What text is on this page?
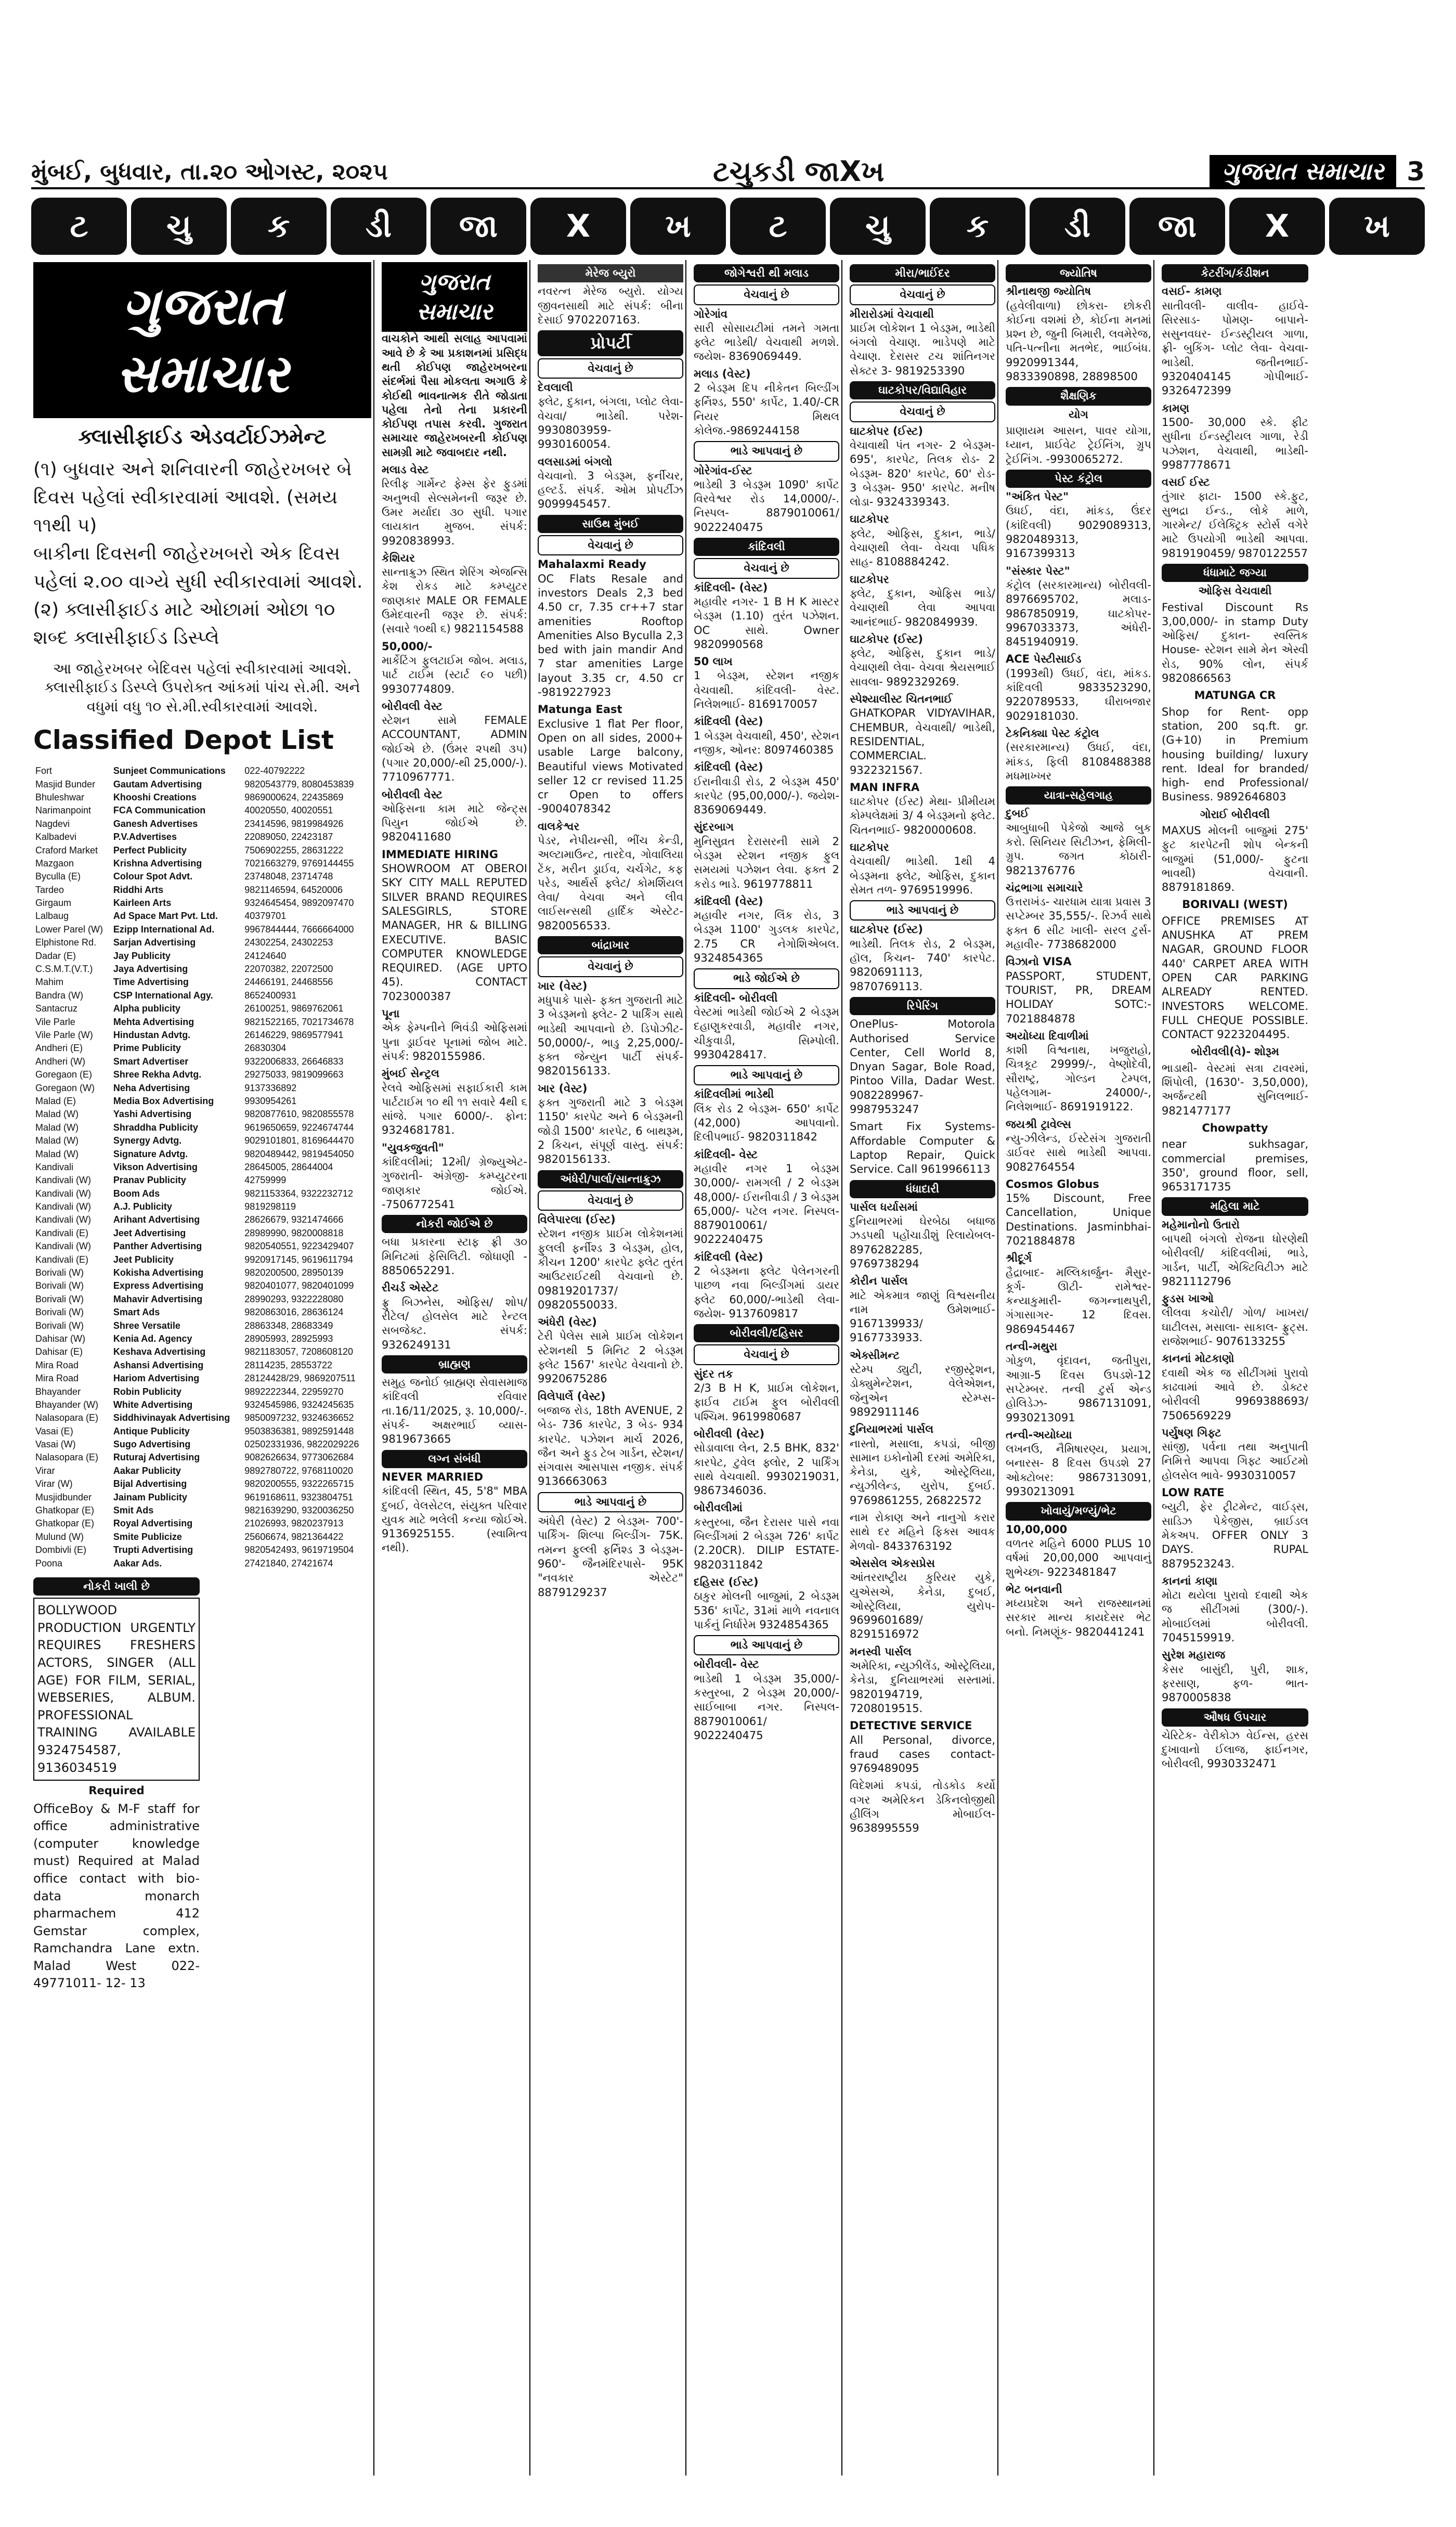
મુંબઈ, બુધવાર, તા.૨૦ ઓગસ્ટ, ૨૦૨૫	ટચુકડી જાXખ	ગુજરાત સમાચાર 3
ટ	ચુ	ક	ડી	જા	X	ખ	ટ	ચુ	ક	ડી	જા	X	ખ
ગુજરાત સમાચાર
ક્લાસીફાઈડ એડવર્ટાઈઝમેન્ટ
(૧) બુધવાર અને શનિવારની જાહેરખબર બે દિવસ પહેલાં સ્વીકારવામાં આવશે. (સમય ૧૧થી ૫)
બાકીના દિવસની જાહેરખબરો એક દિવસ પહેલાં ૨.૦૦ વાગ્યે સુધી સ્વીકારવામાં આવશે.
(૨) ક્લાસીફાઈડ માટે ઓછામાં ઓછા ૧૦ શબ્દ ક્લાસીફાઈડ ડિસ્પ્લે
આ જાહેરખબર બેદિવસ પહેલાં સ્વીકારવામાં આવશે. ક્લાસીફાઈડ ડિસ્પ્લે ઉપરોક્ત આંકમાં પાંચ સે.મી. અને વધુમાં વધુ ૧૦ સે.મી.સ્વીકારવામાં આવશે.
Classified Depot List
Fort	Sunjeet Communications	022-40792222
Masjid Bunder	Gautam Advertising	9820543779, 8080453839
Bhuleshwar	Khooshi Creations	9869000624, 22435869
Narimanpoint	FCA Communication	40020550, 40020551
Nagdevi	Ganesh Advertises	23414596, 9819984926
Kalbadevi	P.V.Advertises	22089050, 22423187
Craford Market	Perfect Publicity	7506902255, 28631222
Mazgaon	Krishna Advertising	7021663279, 9769144455
Byculla (E)	Colour Spot Advt.	23748048, 23714748
Tardeo	Riddhi Arts	9821146594, 64520006
Girgaum	Kairleen Arts	9324645454, 9892097470
Lalbaug	Ad Space Mart Pvt. Ltd.	40379701
Lower Parel (W)	Ezipp International Ad.	9967844444, 7666664000
Elphistone Rd.	Sarjan Advertising	24302254, 24302253
Dadar (E)	Jay Publicity	24124640
C.S.M.T.(V.T.)	Jaya Advertising	22070382, 22072500
Mahim	Time Advertising	24466191, 24468556
Bandra (W)	CSP International Agy.	8652400931
Santacruz	Alpha publicity	26100251, 9869762061
Vile Parle	Mehta Advertising	9821522165, 7021734678
Vile Parle (W)	Hindustan Advtg.	26146229, 9869577941
Andheri (E)	Prime Publicity	26830304
Andheri (W)	Smart Advertiser	9322006833, 26646833
Goregaon (E)	Shree Rekha Advtg.	29275033, 9819099663
Goregaon (W)	Neha Advertising	9137336892
Malad (E)	Media Box Advertising	9930954261
Malad (W)	Yashi Advertising	9820877610, 9820855578
Malad (W)	Shraddha Publicity	9619650659, 9224674744
Malad (W)	Synergy Advtg.	9029101801, 8169644470
Malad (W)	Signature Advtg.	9820489442, 9819454050
Kandivali	Vikson Advertising	28645005, 28644004
Kandivali (W)	Pranav Publicity	42759999
Kandivali (W)	Boom Ads	9821153364, 9322232712
Kandivali (W)	A.J. Publicity	9819298119
Kandivali (W)	Arihant Advertising	28626679, 9321474666
Kandivali (E)	Jeet Advertising	28989990, 9820008818
Kandivali (W)	Panther Advertising	9820540551, 9223429407
Kandivali (E)	Jeet Publicity	9920917145, 9619611794
Borivali (W)	Kokisha Advertising	9820200500, 28950139
Borivali (W)	Express Advertising	9820401077, 9820401099
Borivali (W)	Mahavir Advertising	28990293, 9322228080
Borivali (W)	Smart Ads	9820863016, 28636124
Borivali (W)	Shree Versatile	28863348, 28683349
Dahisar (W)	Kenia Ad. Agency	28905993, 28925993
Dahisar (E)	Keshava Advertising	9821183057, 7208608120
Mira Road	Ashansi Advertising	28114235, 28553722
Mira Road	Hariom Advertising	28124428/29, 9869207511
Bhayander	Robin Publicity	9892222344, 22959270
Bhayander (W)	White Advertising	9324545986, 9324245635
Nalasopara (E)	Siddhivinayak Advertising	9850097232, 9324636652
Vasai (E)	Antique Publicity	9503836381, 9892591448
Vasai (W)	Sugo Advertising	02502331936, 9822029226
Nalasopara (E)	Ruturaj Advertising	9082626634, 9773062684
Virar	Aakar Publicity	9892780722, 9768110020
Virar (W)	Bijal Advertising	9820200555, 9322265715
Musjidbunder	Jainam Publicity	9619168611, 9323804751
Ghatkopar (E)	Smit Ads	9821639290, 9320036250
Ghatkopar (E)	Royal Advertising	21026993, 9820237913
Mulund (W)	Smite Publicize	25606674, 9821364422
Dombivli (E)	Trupti Advertising	9820542493, 9619719504
Poona	Aakar Ads.	27421840, 27421674
નોકરી ખાલી છે
BOLLYWOOD PRODUCTION URGENTLY REQUIRES FRESHERS ACTORS, SINGER (ALL AGE) FOR FILM, SERIAL, WEBSERIES, ALBUM. PROFESSIONAL TRAINING AVAILABLE 9324754587, 9136034519
Required
OfficeBoy & M-F staff for office administrative (computer knowledge must) Required at Malad office contact with bio-data monarch pharmachem 412 Gemstar complex, Ramchandra Lane extn. Malad West 022-49771011- 12- 13
ગુજરાત સમાચાર
વાચકોને આથી સલાહ આપવામાં આવે છે કે આ પ્રકાશનમાં પ્રસિદ્ધ થતી કોઈપણ જાહેરખબરના સંદર્ભમાં પૈસા મોકલતા અગાઉ કે કોઈથી ભાવનાત્મક રીતે જોડાતા પહેલા તેનો તેના પ્રકારની કોઈપણ તપાસ કરવી. ગુજરાત સમાચાર જાહેરખબરની કોઈપણ સામગ્રી માટે જવાબદાર નથી.
મલાડ વેસ્ટ
રિલીફ ગાર્મેન્ટ ફેમ્સ ફેર ફુડમાં અનુભવી સેલ્સમેનની જરૂર છે. ઉમર મર્યાદા ૩૦ સુધી. પગાર લાયકાત મુજબ. સંપર્ક: 9920838993.
કેશિયર
સાન્તાક્રુઝ સ્થિત શેરિંગ એજન્સિ કેશ રોકડ માટે કમ્પ્યુટર જાણકાર MALE OR FEMALE ઉમેદવારની જરૂર છે. સંપર્ક: (સવારે ૧૦થી ૬) 9821154588
50,000/-
માર્કેટિંગ ફુલટાઈમ જોબ. મલાડ, પાર્ટ ટાઈમ (સ્ટાર્ટ ૯૦ પછી) 9930774809.
બોરીવલી વેસ્ટ
સ્ટેશન સામે FEMALE ACCOUNTANT, ADMIN જોઈએ છે. (ઉંમર ૨૫થી ૩૫) (પગાર 20,000/-થી 25,000/-). 7710967771.
બોરીવલી વેસ્ટ
ઓફિસના કામ માટે જેન્ટ્સ પિયુન જોઈએ છે. 9820411680
IMMEDIATE HIRING
SHOWROOM AT OBEROI SKY CITY MALL REPUTED SILVER BRAND REQUIRES SALESGIRLS, STORE MANAGER, HR & BILLING EXECUTIVE. BASIC COMPUTER KNOWLEDGE REQUIRED. (AGE UPTO 45). CONTACT 7023000387
પૂના
એક ફેમ્પનીને ભિવંડી ઓફિસમાં પુના ડ્રાઈવર પૂનામાં જોબ માટે. સંપર્ક: 9820155986.
મુંબઈ સેન્ટ્રલ
રેલવે ઓફિસમાં સફાઈકારી કામ પાર્ટટાઈમ ૧૦ થી ૧૧ સવારે 4થી ૬ સાંજે. પગાર 6000/-. ફોન: 9324681781.
"યુવકજુવતી"
કાંદિવલીમાં; 12મી/ ગ્રેજ્યુએટ- ગુજરાતી- અંગ્રેજી- કમ્પ્યુટરના જાણકાર જોઈએ. -7506772541
નોકરી જોઈએ છે
બધા પ્રકારના સ્ટાફ ફ્રી ૩૦ મિનિટમાં ફેસિલિટી. જોધાણી - 8850652291.
રીચર્ડ એસ્ટેટ
ફ્રુ બિઝનેસ, ઓફિસ/ શોપ/ રીટેલ/ હોલસેલ માટે રેન્ટલ સબજેક્ટ. સંપર્ક: 9326249131
બ્રાહ્મણ
સમુહ જનોઈ બ્રાહ્મણ સેવાસમાજ કાંદિવલી રવિવાર તા.16/11/2025, રૂ. 10,000/-. સંપર્ક- અક્ષરભાઈ વ્યાસ- 9819673665
લગ્ન સંબંધી
NEVER MARRIED
કાંદિવલી સ્થિત, 45, 5'8" MBA દુબઈ, વેલસેટલ, સંયુક્ત પરિવાર યુવક માટે ભલેલી કન્યા જોઈએ. 9136925155. (સ્વામિત્વ નથી).
મેરેજ બ્યુરો
નવરત્ન મેરેજ બ્યુરો. યોગ્ય જીવનસાથી માટે સંપર્ક: બીના દેસાઈ 9702207163.
પ્રોપર્ટી
વેચવાનું છે
દેવલાલી
ફ્લેટ, દુકાન, બંગલા, પ્લોટ લેવા- વેચવા/ ભાડેથી. પરેશ- 9930803959- 9930160054.
વલસાડમાં બંગલો
વેચવાનો. 3 બેડરૂમ, ફર્નીચર, હલ્ટર્ડ. સંપર્ક. ઓમ પ્રોપર્ટીઝ 9099945457.
સાઉથ મુંબઈ
વેચવાનું છે
Mahalaxmi Ready
OC Flats Resale and investors Deals 2,3 bed 4.50 cr, 7.35 cr++7 star amenities Rooftop Amenities Also Byculla 2,3 bed with jain mandir And 7 star amenities Large layout 3.35 cr, 4.50 cr -9819227923
Matunga East
Exclusive 1 flat Per floor, Open on all sides, 2000+ usable Large balcony, Beautiful views Motivated seller 12 cr revised 11.25 cr Open to offers -9004078342
વાલકેશ્વર
પેડર, નેપીયન્સી, ભીંચ કેન્ડી, અલ્ટામાઉન્ટ, તારદેવ, ગોવાલિયા ટેંક, મરીન ડ્રાઈવ, ચર્ચગેટ, કફ પરેડ, આર્થર્સ ફ્લેટ/ કોમર્શિયલ લેવા/ વેચવા અને લીવ લાઈસન્સથી હાર્દિક એસ્ટેટ- 9820056533.
બાંદ્રાખાર
વેચવાનું છે
ખાર (વેસ્ટ)
મધુપાકે પાસે- ફક્ત ગુજરાતી માટે 3 બેડરૂમનો ફ્લેટ- 2 પાર્કિંગ સાથે ભાડેથી આપવાનો છે. ડિપોઝીટ- 50,0000/-, ભાડુ 2,25,000/- ફક્ત જેન્યુન પાર્ટી સંપર્ક- 9820156133.
ખાર (વેસ્ટ)
ફક્ત ગુજરાતી માટે 3 બેડરૂમ 1150' કારપેટ અને 6 બેડરૂમની જોડી 1500' કારપેટ, 6 બાથરૂમ, 2 કિચન, સંપૂર્ણ વાસ્તુ. સંપર્ક: 9820156133.
અંધેરી/પાર્લા/સાન્તાક્રુઝ
વેચવાનું છે
વિલેપારલા (ઈસ્ટ)
સ્ટેશન નજીક પ્રાઈમ લોકેશનમાં ફુલલી ફર્નીશ્ડ 3 બેડરૂમ, હોલ, કીચન 1200' કારપેટ ફ્લેટ તુરંત આઉટરાઈટથી વેચવાનો છે. 09819201737/ 09820550033.
અંધેરી (વેસ્ટ)
ટેરી પેલેસ સામે પ્રાઈમ લોકેશન સ્ટેશનથી 5 મિનિટ 2 બેડરૂમ ફ્લેટ 1567' કારપેટ વેચવાનો છે. 9920675286
વિલેપાર્લે (વેસ્ટ)
બજાજ રોડ, 18th AVENUE, 2 બેડ- 736 કારપેટ, 3 બેડ- 934 કારપેટ. પઝેશન માર્ચ 2026, જૈન અને ફુડ ટેબ ગાર્ડન, સ્ટેશન/ સંગવાસ આસપાસ નજીક. સંપર્ક 9136663063
ભાડે આપવાનું છે
અંધેરી (વેસ્ટ) 2 બેડરૂમ- 700'- પાર્કિંગ- શિલ્પા બિલ્ડીંગ- 75K. તમન્ન ફુલ્લી ફર્નિશ્ડ 3 બેડરૂમ- 960'- જૈનમંદિરપાસે- 95K "નવકાર એસ્ટેટ" 8879129237
જોગેશ્વરી થી મલાડ
વેચવાનું છે
ગોરેગાંવ
સારી સોસાયટીમાં તમને ગમતા ફ્લેટ ભાડેથી/ વેચવાથી મળશે. જયેશ- 8369069449.
મલાડ (વેસ્ટ)
2 બેડરૂમ દિપ નીકેતન બિલ્ડીંગ ફર્નિશ્ડ, 550' કાર્પેટ, 1.40/-CR નિયર મિથલ કોલેજ.-9869244158
ભાડે આપવાનું છે
ગોરેગાંવ-ઈસ્ટ
ભાડેથી 3 બેડરૂમ 1090' કાર્પેટ વિરવેશ્વર રોડ 14,0000/-. નિસ્પલ- 8879010061/ 9022240475
કાંદિવલી
વેચવાનું છે
કાંદિવલી- (વેસ્ટ)
મહાવીર નગર- 1 B H K માસ્ટર બેડરૂમ (1.10) તુરંત પઝેશન. OC સાથે. Owner 9820990568
50 લાખ
1 બેડરૂમ, સ્ટેશન નજીક વેચવાથી. કાંદિવલી- વેસ્ટ. નિલેશભાઈ- 8169170057
કાંદિવલી (વેસ્ટ)
1 બેડરૂમ વેચવાથી, 450', સ્ટેશન નજીક, ઓનર: 8097460385
કાંદિવલી (વેસ્ટ)
ઈરાનીવાડી રોડ, 2 બેડરૂમ 450' કારપેટ (95,00,000/-). જયેશ- 8369069449.
સુંદરબાગ
મુનિસુવ્રત દેરાસરની સામે 2 બેડરૂમ સ્ટેશન નજીક ફુલ સમયમાં પઝેશન લેવા. ફક્ત 2 કરોડ ભાડે. 9619778811
કાંદિવલી (વેસ્ટ)
મહાવીર નગર, લિંક રોડ, 3 બેડરૂમ 1100' ગુડલક કારપેટ, 2.75 CR નેગોશિએબલ. 9324854365
ભાડે જોઈએ છે
કાંદિવલી- બોરીવલી
વેસ્ટમાં ભાડેથી જોઈએ 2 બેડરૂમ દહાણુકરવાડી, મહાવીર નગર, ચીકુવાડી, સિમ્પોલી. 9930428417.
ભાડે આપવાનું છે
કાંદિવલીમાં ભાડેથી
લિંક રોડ 2 બેડરૂમ- 650' કાર્પેટ (42,000) આપવાનો. દિલીપભાઈ- 9820311842
કાંદિવલી- વેસ્ટ
મહાવીર નગર 1 બેડરૂમ 30,000/- રામગલી / 2 બેડરૂમ 48,000/- ઈરાનીવાડી / 3 બેડરૂમ 65,000/- પટેલ નગર. નિસ્પલ- 8879010061/ 9022240475
કાંદિવલી (વેસ્ટ)
2 બેડરૂમના ફ્લેટ પેલેનગરની પાછળ નવા બિલ્ડીંગમાં ડાયર ફ્લેટ 60,000/-ભાડેથી લેવા- જયેશ- 9137609817
બોરીવલી/દહિસર
વેચવાનું છે
સુંદર તક
2/3 B H K, પ્રાઈમ લોકેશન, ફાઈવ ટાઈમ ફુલ બોરીવલી પશ્ચિમ. 9619980687
બોરીવલી (વેસ્ટ)
સોડાવાલા લેન, 2.5 BHK, 832' કારપેટ, ટુવેલ ફ્લોર, 2 પાર્કિંગ સાથે વેચવાથી. 9930219031, 9867346036.
બોરીવલીમાં
કસ્તુરબા, જૈન દેરાસર પાસે નવા બિલ્ડીંગમાં 2 બેડરૂમ 726' કાર્પેટ (2.20CR). DILIP ESTATE- 9820311842
દહિસર (ઈસ્ટ)
ઠાકુર મોલની બાજુમાં, 2 બેડરૂમ 536' કાર્પેટ, 31માં માળે નવનાલ પાર્કનું નિર્ધારેમ 9324854365
ભાડે આપવાનું છે
બોરીવલી- વેસ્ટ
ભાડેથી 1 બેડરૂમ 35,000/- કસ્તુરબા, 2 બેડરૂમ 20,000/- સાઈબાબા નગર. નિસ્પલ- 8879010061/ 9022240475
મીરા/ભાઈંદર
વેચવાનું છે
મીરારોડમાં વેચવાથી
પ્રાઈમ લોકેશન 1 બેડરૂમ, ભાડેથી બંગલો વેચાણ. ભાડેપણે માટે વેચાણ. દેરાસર ટચ શાંતિનગર સેક્ટર 3- 9819253390
ઘાટકોપર/વિદ્યાવિહાર
વેચવાનું છે
ઘાટકોપર (ઈસ્ટ)
વેચાવાથી પંત નગર- 2 બેડરૂમ- 695', કારપેટ, તિલક રોડ- 2 બેડરૂમ- 820' કારપેટ, 60' રોડ- 3 બેડરૂમ- 950' કારપેટ. મનીષ લોડા- 9324339343.
ઘાટકોપર
ફ્લેટ, ઓફિસ, દુકાન, ભાડે/ વેચાણથી લેવા- વેચવા પધિક સાહ- 8108884242.
ઘાટકોપર
ફ્લેટ, દુકાન, ઓફિસ ભાડે/ વેચાણથી લેવા આપવા આનંદભાઈ- 9820849939.
ઘાટકોપર (ઈસ્ટ)
ફ્લેટ, ઓફિસ, દુકાન ભાડે/ વેચાણથી લેવા- વેચવા શ્રેયસભાઈ સાવલા- 9892329269.
સ્પેશ્યાલીસ્ટ ચિતનભાઈ
GHATKOPAR VIDYAVIHAR, CHEMBUR, વેચવાથી/ ભાડેથી, RESIDENTIAL, COMMERCIAL. 9322321567.
MAN INFRA
ઘાટકોપર (ઈસ્ટ) મેથા- પ્રીમીયમ કોમ્પલેક્ષમાં 3/ 4 બેડરૂમનો ફ્લેટ. ચિતનભાઈ- 9820000608.
ઘાટકોપર
વેચવાથી/ ભાડેથી. 1થી 4 બેડરૂમના ફ્લેટ, ઓફિસ, દુકાન સેમત તળ- 9769519996.
ભાડે આપવાનું છે
ઘાટકોપર (ઈસ્ટ)
ભાડેથી. તિલક રોડ, 2 બેડરૂમ, હૉલ, કિચન- 740' કારપેટ. 9820691113, 9870769113.
રિપેરિંગ
OnePlus- Motorola Authorised Service Center, Cell World 8, Dnyan Sagar, Bole Road, Pintoo Villa, Dadar West. 9082289967- 9987953247
Smart Fix Systems- Affordable Computer & Laptop Repair, Quick Service. Call 9619966113
ધંધાદારી
પાર્સલ ધર્યાસમાં
દુનિયાભરમાં ઘેરબેઠા બધાજ ઝડપથી પહોંચાડીશું રિલાયેબલ- 8976282285, 9769738294
કોરીન પાર્સલ
માટે એકમાત્ર જાણું વિશ્વસનીય નામ ઉમેશભાઈ- 9167139933/ 9167733933.
એક્સીમન્ટ
સ્ટેમ્પ ડ્યુટી, રજીસ્ટ્રેશન, ડોક્યુમેન્ટેશન, વેલેએશન, જેનુએન સ્ટેમ્પ્સ- 9892911146
દુનિયાભરમાં પાર્સલ
નાસ્તો, મસાલા, કપડાં, બીજી સામાન ઇકોનોમી દરમાં અમેરિકા, કેનેડા, યુકે, ઓસ્ટ્રેલિયા, ન્યુઝીલેન્ડ, યુરોપ, દુબઈ. 9769861255, 26822572
નામ રોકાણ અને નાનુગો કરાર સાથે દર મહિને ફિક્સ આવક મેળવો- 8433763192
એસસેલ એકસપ્રેસ
આંતરરાષ્ટ્રીય કુરિયર યુકે, યુએસએ, કેનેડા, દુબઈ, ઓસ્ટ્રેલિયા, યુરોપ- 9699601689/ 8291516972
મનસ્વી પાર્સલ
અમેરિકા, ન્યુઝીલેંડ, ઓસ્ટ્રેલિયા, કેનેડા, દુનિયાભરમાં સસ્તામાં. 9820194719, 7208019515.
DETECTIVE SERVICE
All Personal, divorce, fraud cases contact- 9769489095
વિદેશમાં કપડાં, તોડકોડ કર્યો વગર અમેરિકન ડેકિનલોજીથી હીલિંગ મોબાઈલ- 9638995559
જ્યોતિષ
શ્રીનાથજી જ્યોતિષ
(હવેલીવાળા) છોકરા- છોકરી કોઈના વશમાં છે, કોઈના મનમાં પ્રશ્ન છે, જુની બિમારી, લવમેરેજ, પતિ-પત્નીના મતભેદ, ભાઈબંધ. 9920991344, 9833390898, 28898500
શૈક્ષણિક
યોગ
પ્રાણાયમ આસન, પાવર યોગા, ધ્યાન, પ્રાઈવેટ ટ્રેઈનિંગ, ગ્રુપ ટ્રેઈનિંગ. -9930065272.
પેસ્ટ કંટ્રોલ
"અંકિત પેસ્ટ"
ઉધઈ, વંદા, માંકડ, ઉંદર (કાંદિવલી) 9029089313, 9820489313, 9167399313
"સંસ્કાર પેસ્ટ"
કંટ્રોલ (સરકારમાન્ય) બોરીવલી- 8976695702, મલાડ- 9867850919, ઘાટકોપર- 9967033373, અંધેરી- 8451940919.
ACE પેસ્ટીસાઈડ
(1993થી) ઉધઈ, વંદા, માંકડ. કાંદિવલી 9833523290, 9220789533, ઘીરાબજાર 9029181030.
ટેકનિક્યા પેસ્ટ કંટ્રોલ
(સરકારમાન્ય) ઉધઈ, વંદા, માંકડ, ફિલી 8108488388 મધમાખ્ખર
યાત્રા-સહેલગાહ
દુબઈ
આબુધાબી પેકેજો આજે બુક કરો. સિનિયર સિટીઝન, ફેમિલી- ગ્રુપ. જગત કોઠારી- 9821376776
ચંદ્રભાગા સમાચારે
ઉત્તરાખંડ- ચારધામ યાત્રા પ્રવાસ 3 સપ્ટેમ્બર 35,555/-. રિઝર્વ સાથે ફક્ત 6 સીટ ખાલી- સરલ ટુર્સ- મહાવીર- 7738682000
વિઝાનો VISA
PASSPORT, STUDENT, TOURIST, PR, DREAM HOLIDAY SOTC:- 7021884878
અયોધ્યા દિવાળીમાં
કાશી વિશ્વનાથ, ખજુરાહો, ચિત્રકૂટ 29999/-, વેષ્ણોદેવી, સૌરાષ્ટ્ર, ગોલ્ડન ટેમ્પલ, પહેલગામ- 24000/-, નિલેશભાઈ- 8691919122.
જયશ્રી ટ્રાવેલ્સ
ન્યુ-ઝીલેન્ડ, ઈસ્ટેસંગ ગુજરાતી ડાઈવર સાથે ભાડેથી આપવા. 9082764554
Cosmos Globus
15% Discount, Free Cancellation, Unique Destinations. Jasminbhai- 7021884878
શ્રીદૂર્ગ
હૈદ્રાબાદ- મલ્લિકાર્જુન- મૈસુર- કૂર્ગ- ઊટી- રામેશ્વર- કન્યાકુમારી- જગન્નાથપુરી, ગંગાસાગર- 12 દિવસ. 9869454467
તન્વી-મથુરા
ગોકુળ, વૃંદાવન, જતીપુરા, આગ્રા-5 દિવસ ઉપડશે-12 સપ્ટેમ્બર. તન્વી ટુર્સ એન્ડ હોલિડેઝ- 9867131091, 9930213091
તન્વી-અયોધ્યા
લખનઉ, નૈમિષારણ્ય, પ્રયાગ, બનારસ- 8 દિવસ ઉપડશે 27 ઓક્ટોબર: 9867313091, 9930213091
ખોવાયું/મળ્યું/ભેટ
10,00,000
વળતર મહિને 6000 PLUS 10 વર્ષમાં 20,00,000 આપવાનું શુભેચ્છા- 9223481847
ભેટ બનવાની
મધ્યપ્રદેશ અને રાજસ્થાનમાં સરકાર માન્ય કાયદેસર ભેટ બનો. નિમણૂંક- 9820441241
કેટરીંગ/કંડીશન
વસઈ- કામણ
સાતીવલી- વાલીવ- હાઈવે- સિરસાડ- પોમણ- બાપાને- સસુનવઘર- ઈન્ડસ્ટ્રીયલ ગાળા, ફ્રી- બુકિંગ- પ્લોટ લેવા- વેચવા- ભાડેથી. જતીનભાઈ- 9320404145 ગોપીભાઈ- 9326472399
કામણ
1500- 30,000 સ્કે. ફીટ સુધીના ઈન્ડસ્ટ્રીયલ ગાળા, રેડી પઝેશન, વેચવાથી, ભાડેથી- 9987778671
વસઈ ઈસ્ટ
તુંગાર ફાટા- 1500 સ્કે.ફુટ, સુભદ્રા ઈન્ડ., લોકે માળે, ગારમેન્ટ/ ઈલેક્ટ્રિક સ્ટોર્સ વગેરે માટે ઉપયોગી ભાડેથી આપવા. 9819190459/ 9870122557
ધંધામાટે જગ્યા
ઓફિસ વેચવાથી
Festival Discount Rs 3,00,000/- in stamp Duty ઓફિસ/ દુકાન- સ્વસ્તિક House- સ્ટેશન સામે મેન એસ્વી રોડ, 90% લોન, સંપર્ક 9820866563
MATUNGA CR
Shop for Rent- opp station, 200 sq.ft. gr. (G+10) in Premium housing building/ luxury rent. Ideal for branded/ high- end Professional/ Business. 9892646803
ગોરાઈ બોરીવલી
MAXUS મોલની બાજુમાં 275' ફુટ કારપેટની શોપ બેન્કની બાજુમાં (51,000/- ફુટના ભાવથી) વેચવાની. 8879181869.
BORIVALI (WEST)
OFFICE PREMISES AT ANUSHKA AT PREM NAGAR, GROUND FLOOR 440' CARPET AREA WITH OPEN CAR PARKING ALREADY RENTED. INVESTORS WELCOME. FULL CHEQUE POSSIBLE. CONTACT 9223204495.
બોરીવલી(વે)- શોરૂમ
ભાડાથી- વેસ્ટમાં સત્રા ટાવરમાં, શિંપોલી, (1630'- 3,50,000), અર્જન્ટથી સુનિલભાઈ- 9821477177
Chowpatty
near sukhsagar, commercial premises, 350', ground floor, sell, 9653171735
મહિલા માટે
મહેમાનોનો ઉતારો
બાપથી બંગલો રોજના ધોરણેથી બોરીવલી/ કાંદિવલીમાં, ભાડે, ગાર્ડન, પાર્ટી, એક્ટિવિટીઝ માટે 9821112796
ફુડસ ખાઓ
લીલવા કચોરી/ ગોળ/ ખાખરા/ ઘાટીલસ, મસાલા- સાકાલ- ફ્રુટ્સ. રાજેશભાઈ- 9076133255
કાનનાં મોટકાણો
દવાથી એક જ સીટીંગમાં પુરાવો કાઢવામાં આવે છે. ડોક્ટર બોરીવલી 9969388693/ 7506569229
પર્યુષણ ગિફ્ટ
સાંજી, પર્વના તથા અનુપાતી નિમિત્તે આપવા ગિફ્ટ આઈટમો હોલસેલ ભાવે- 9930310057
LOW RATE
બ્યુટી, ફેર ટ્રીટમેન્ટ, વાઈડ્સ, સાડિઝ પેકેજીસ, બ્રાઈડલ મેકઅપ. OFFER ONLY 3 DAYS. RUPAL 8879523243.
કાનનાં કાણા
મોટા થયેલા પુરાવો દવાથી એક જ સીટીંગમાં (300/-). મોબાઈલમાં બોરીવલી. 7045159919.
સુરેશ મહારાજ
કેસર બાસુંદી, પુરી, શાક, ફરસાણ, ફળ- ભાત- 9870005838
ઔષધ ઉપચાર
ચેરિટેક- વેરીકોઝ વેઈન્સ, હરસ દુખાવાનો ઈલાજ, ફાઈનગર, બોરીવલી, 9930332471
